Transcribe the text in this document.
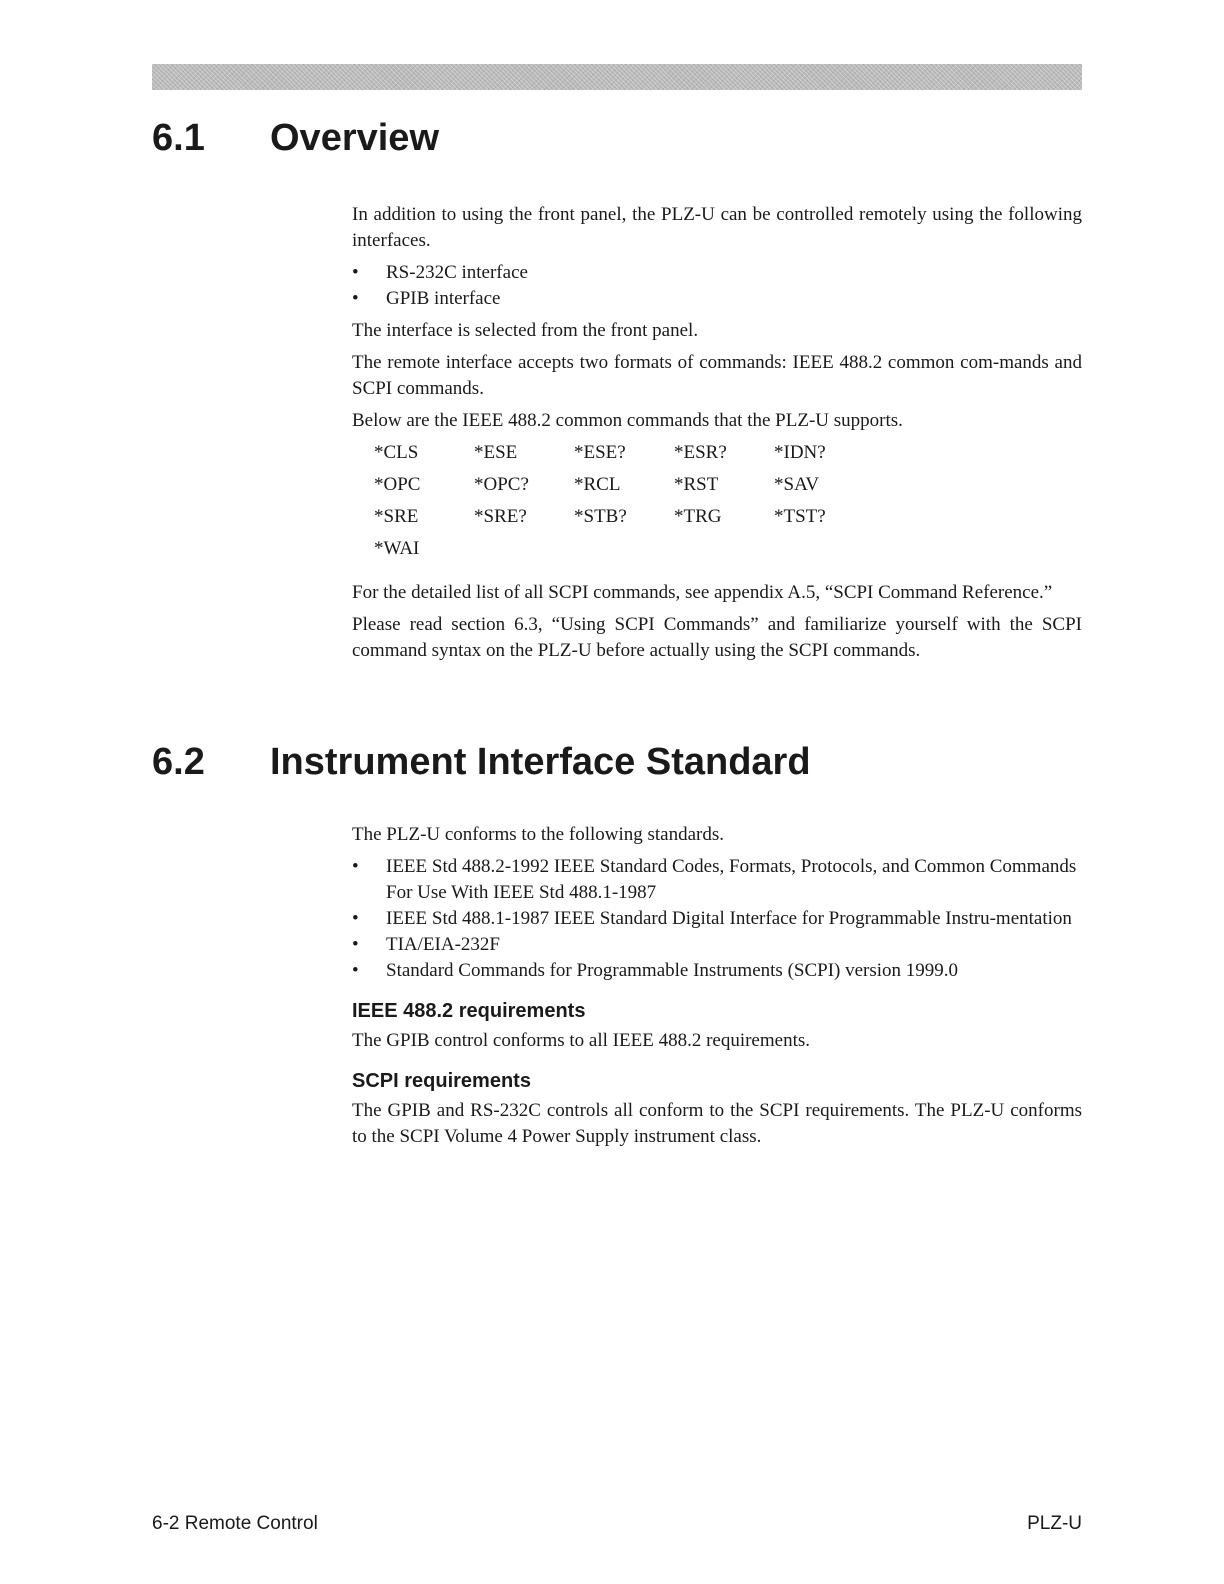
6.1 Overview

In addition to using the front panel, the PLZ-U can be controlled remotely using the following interfaces.

•	RS-232C interface
•	GPIB interface

The interface is selected from the front panel.

The remote interface accepts two formats of commands: IEEE 488.2 common com-mands and SCPI commands.

Below are the IEEE 488.2 common commands that the PLZ-U supports.

*CLS	*ESE	*ESE?	*ESR?	*IDN?
*OPC	*OPC?	*RCL	*RST	*SAV
*SRE	*SRE?	*STB?	*TRG	*TST?
*WAI				

For the detailed list of all SCPI commands, see appendix A.5, “SCPI Command Reference.”

Please read section 6.3, “Using SCPI Commands” and familiarize yourself with the SCPI command syntax on the PLZ-U before actually using the SCPI commands.

6.2 Instrument Interface Standard

The PLZ-U conforms to the following standards.

•	IEEE Std 488.2-1992 IEEE Standard Codes, Formats, Protocols, and Common Commands For Use With IEEE Std 488.1-1987
•	IEEE Std 488.1-1987 IEEE Standard Digital Interface for Programmable Instru-mentation
•	TIA/EIA-232F
•	Standard Commands for Programmable Instruments (SCPI) version 1999.0
IEEE 488.2 requirements

The GPIB control conforms to all IEEE 488.2 requirements.

SCPI requirements

The GPIB and RS-232C controls all conform to the SCPI requirements. The PLZ-U conforms to the SCPI Volume 4 Power Supply instrument class.

6-2 Remote Control	PLZ-U
